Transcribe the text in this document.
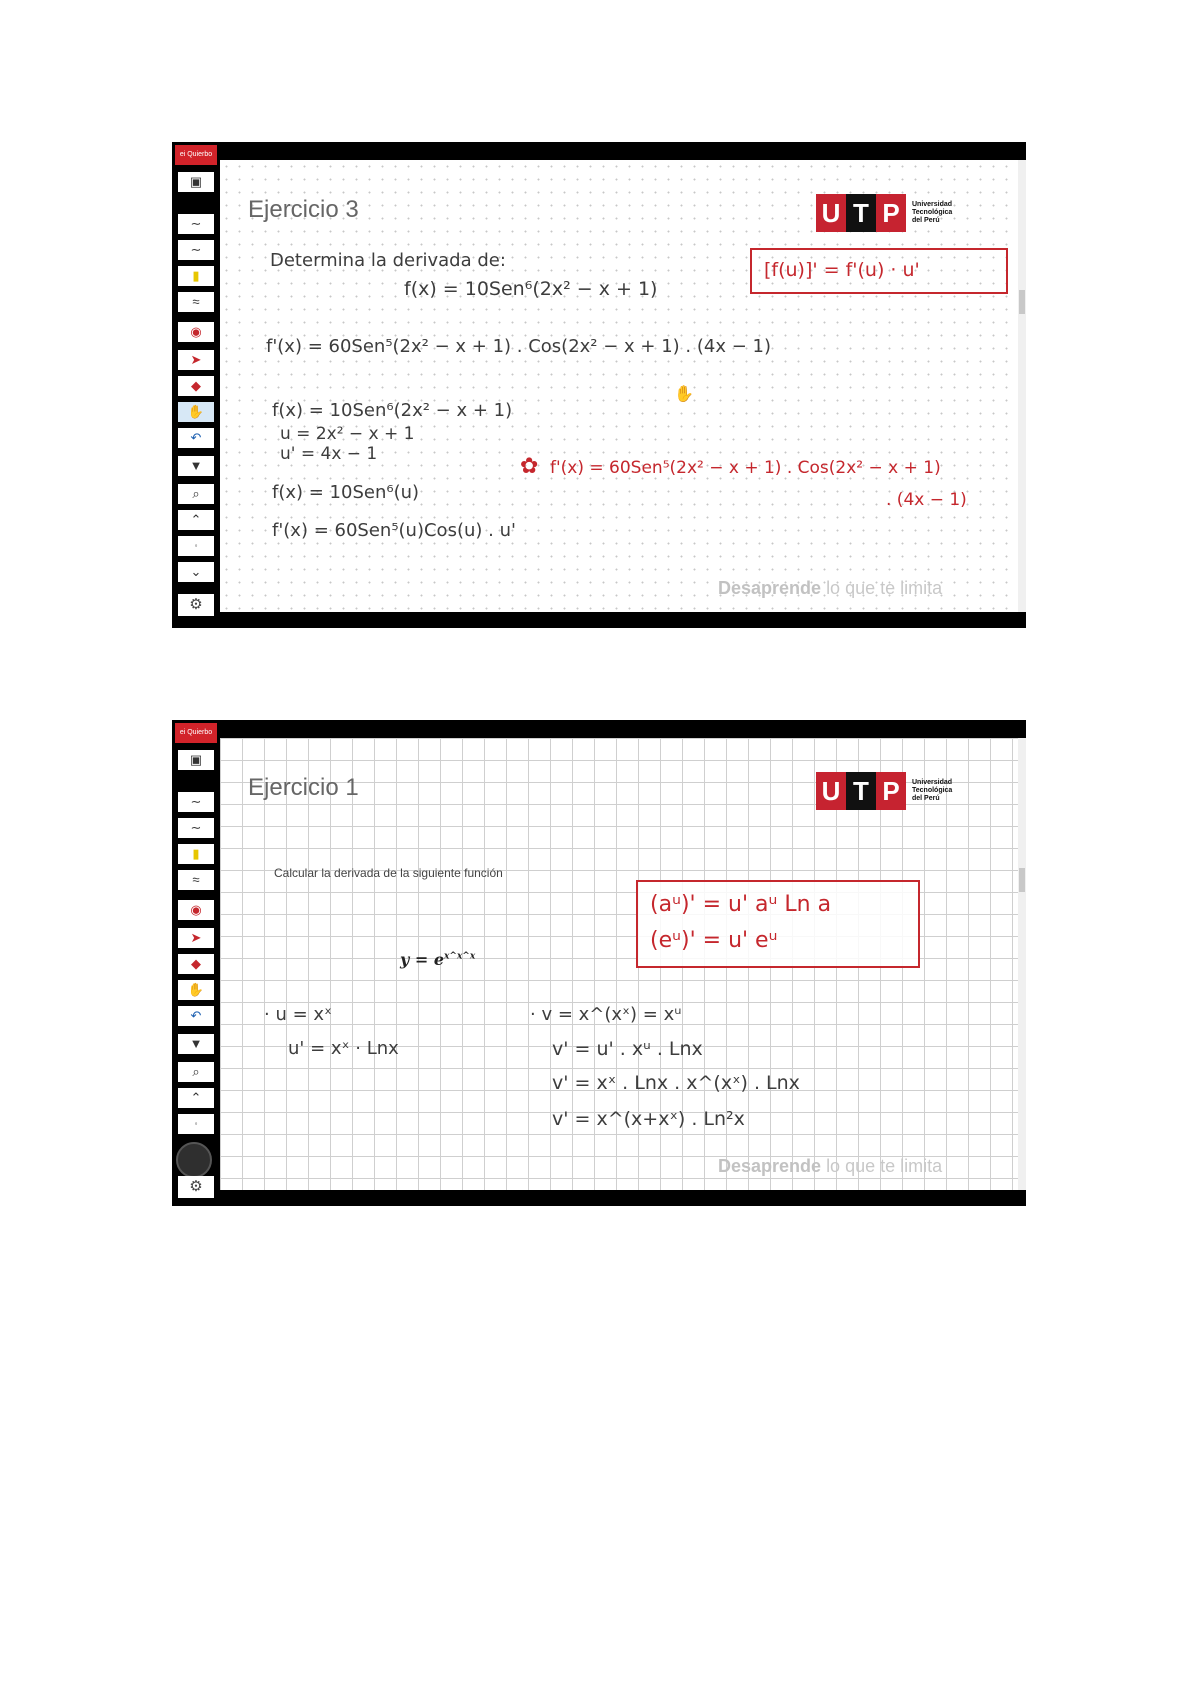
ei Quierbo
▣
∼
∼
▮
≈
◉
➤
◆
✋
↶
▼
⌕
⌃
◦
⌄
⚙
Ejercicio 3	U T P	Universidad
Tecnológica
del Perú
[f(u)]' = f'(u) · u'
Determina la derivada de:
f(x) = 10Sen⁶(2x² − x + 1)
f'(x) = 60Sen⁵(2x² − x + 1) . Cos(2x² − x + 1) . (4x − 1)
✋
f(x) = 10Sen⁶(2x² − x + 1)
u = 2x² − x + 1
u' = 4x − 1
f(x) = 10Sen⁶(u)
f'(x) = 60Sen⁵(u)Cos(u) . u'
✿ f'(x) = 60Sen⁵(2x² − x + 1) . Cos(2x² − x + 1)
. (4x − 1)
Desaprende lo que te limita
ei Quierbo
▣
∼
∼
▮
≈
◉
➤
◆
✋
↶
▼
⌕
⌃
◦
⚙
Ejercicio 1	U T P	Universidad
Tecnológica
del Perú
Calcular la derivada de la siguiente función
$y = e^{x\^{}x\^{}x}$
(aᵘ)' = u' aᵘ Ln a
(eᵘ)' = u' eᵘ
· u = xˣ
u' = xˣ · Lnx
· v = x^(xˣ) = xᵘ
v' = u' . xᵘ . Lnx
v' = xˣ . Lnx . x^(xˣ) . Lnx
v' = x^(x+xˣ) . Ln²x
Desaprende lo que te limita
